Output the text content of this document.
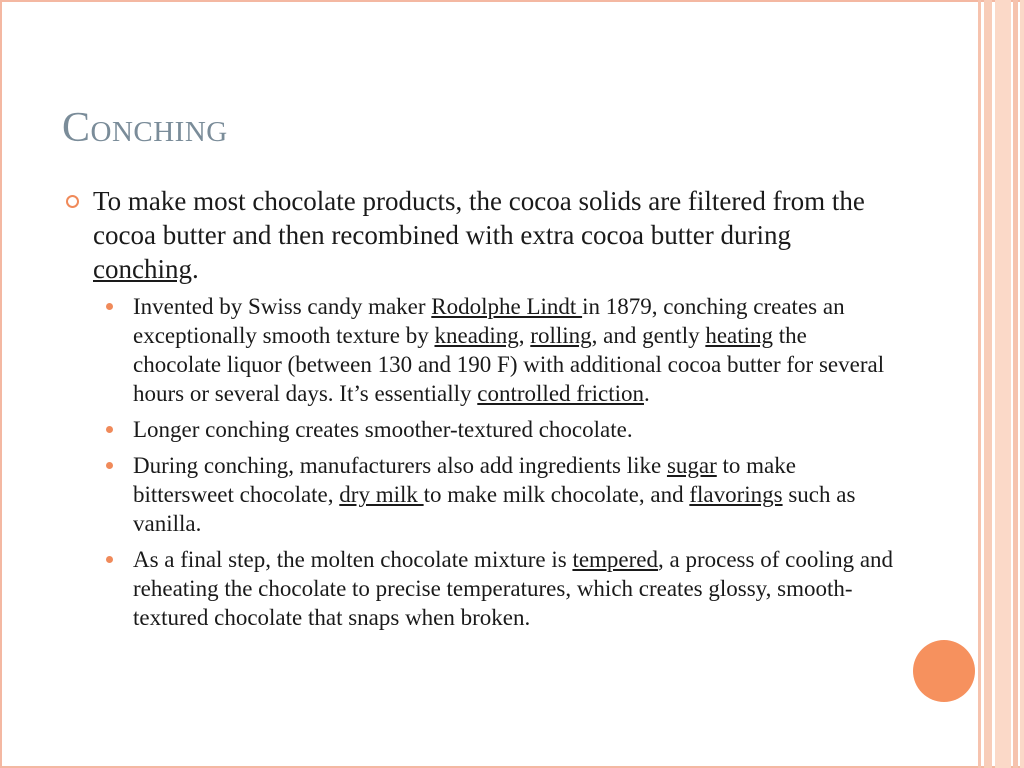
Conching
To make most chocolate products, the cocoa solids are filtered from the cocoa butter and then recombined with extra cocoa butter during conching.
Invented by Swiss candy maker Rodolphe Lindt in 1879, conching creates an exceptionally smooth texture by kneading, rolling, and gently heating the chocolate liquor (between 130 and 190 F) with additional cocoa butter for several hours or several days. It’s essentially controlled friction.
Longer conching creates smoother-textured chocolate.
During conching, manufacturers also add ingredients like sugar to make bittersweet chocolate, dry milk to make milk chocolate, and flavorings such as vanilla.
As a final step, the molten chocolate mixture is tempered, a process of cooling and reheating the chocolate to precise temperatures, which creates glossy, smooth-textured chocolate that snaps when broken.
